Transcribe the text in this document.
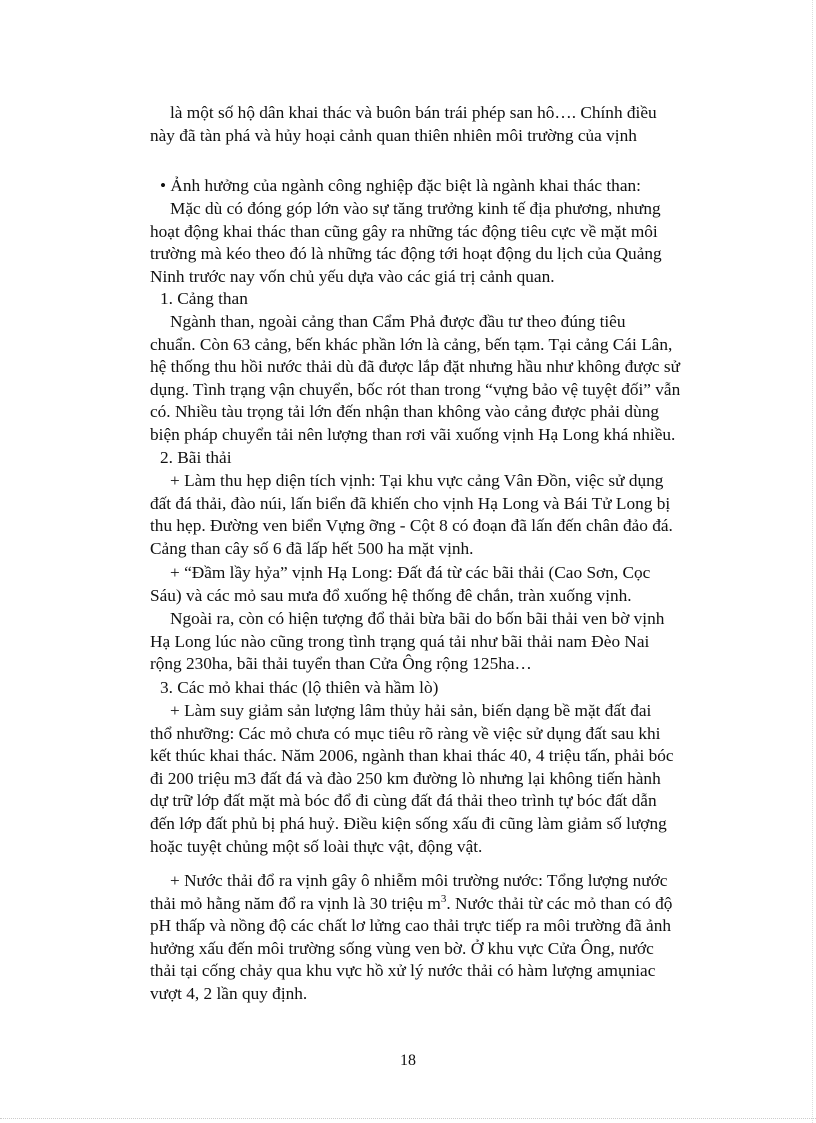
là một số hộ dân khai thác và buôn bán trái phép san hô…. Chính điều

này đã tàn phá và hủy hoại cảnh quan thiên nhiên môi trường của vịnh

• Ảnh hưởng của ngành công nghiệp đặc biệt là ngành khai thác than:

Mặc dù có đóng góp lớn vào sự tăng trưởng kinh tế địa phương, nhưng

hoạt động khai thác than cũng gây ra những tác động tiêu cực về mặt môi

trường mà kéo theo đó là những tác động tới hoạt động du lịch của Quảng

Ninh trước nay vốn chủ yếu dựa vào các giá trị cảnh quan.

1. Cảng than

Ngành than, ngoài cảng than Cẩm Phả được đầu tư theo đúng tiêu

chuẩn. Còn 63 cảng, bến khác phần lớn là cảng, bến tạm. Tại cảng Cái Lân,

hệ thống thu hồi nước thải dù đã được lắp đặt nhưng hầu như không được sử

dụng. Tình trạng vận chuyển, bốc rót than trong “vựng bảo vệ tuyệt đối” vẫn

có. Nhiều tàu trọng tải lớn đến nhận than không vào cảng được phải dùng

biện pháp chuyển tải nên lượng than rơi vãi xuống vịnh Hạ Long khá nhiều.

2. Bãi thải

+ Làm thu hẹp diện tích vịnh: Tại khu vực cảng Vân Đồn, việc sử dụng

đất đá thải, đào núi, lấn biển đã khiến cho vịnh Hạ Long và Bái Tử Long bị

thu hẹp. Đường ven biển Vựng ỡng - Cột 8 có đoạn đã lấn đến chân đảo đá.

Cảng than cây số 6 đã lấp hết 500 ha mặt vịnh.

+ “Đầm lầy hỷa” vịnh Hạ Long: Đất đá từ các bãi thải (Cao Sơn, Cọc

Sáu) và các mỏ sau mưa đổ xuống hệ thống đê chắn, tràn xuống vịnh.

Ngoài ra, còn có hiện tượng đổ thải bừa bãi do bốn bãi thải ven bờ vịnh

Hạ Long lúc nào cũng trong tình trạng quá tải như bãi thải nam Đèo Nai

rộng 230ha, bãi thải tuyển than Cửa Ông rộng 125ha…

3. Các mỏ khai thác (lộ thiên và hầm lò)

+ Làm suy giảm sản lượng lâm thủy hải sản, biến dạng bề mặt đất đai

thổ nhưỡng: Các mỏ chưa có mục tiêu rõ ràng về việc sử dụng đất sau khi

kết thúc khai thác. Năm 2006, ngành than khai thác 40, 4 triệu tấn, phải bóc

đi 200 triệu m3 đất đá và đào 250 km đường lò nhưng lại không tiến hành

dự trữ lớp đất mặt mà bóc đổ đi cùng đất đá thải theo trình tự bóc đất dẫn

đến lớp đất phủ bị phá huỷ. Điều kiện sống xấu đi cũng làm giảm số lượng

hoặc tuyệt chủng một số loài thực vật, động vật.

+ Nước thải đổ ra vịnh gây ô nhiễm môi trường nước: Tổng lượng nước

thải mỏ hằng năm đổ ra vịnh là 30 triệu $m^3$. Nước thải từ các mỏ than có độ

pH thấp và nồng độ các chất lơ lửng cao thải trực tiếp ra môi trường đã ảnh

hưởng xấu đến môi trường sống vùng ven bờ. Ở khu vực Cửa Ông, nước

thải tại cống chảy qua khu vực hồ xử lý nước thải có hàm lượng amụniac

vượt 4, 2 lần quy định.

18
